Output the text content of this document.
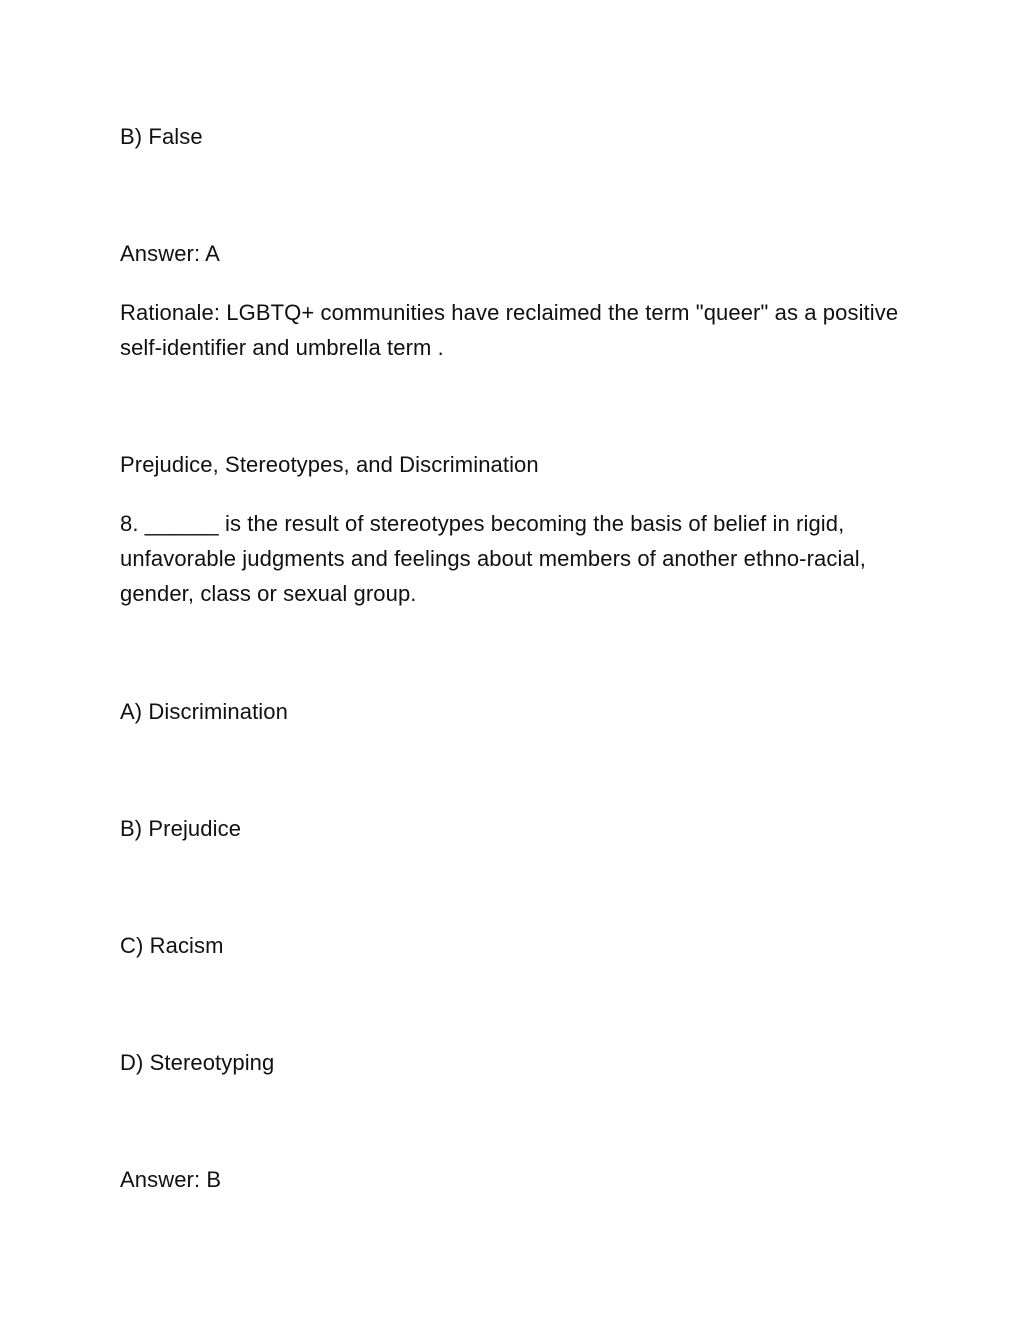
B) False
Answer: A
Rationale: LGBTQ+ communities have reclaimed the term "queer" as a positive self-identifier and umbrella term .
Prejudice, Stereotypes, and Discrimination
8. ______ is the result of stereotypes becoming the basis of belief in rigid, unfavorable judgments and feelings about members of another ethno-racial, gender, class or sexual group.
A) Discrimination
B) Prejudice
C) Racism
D) Stereotyping
Answer: B
